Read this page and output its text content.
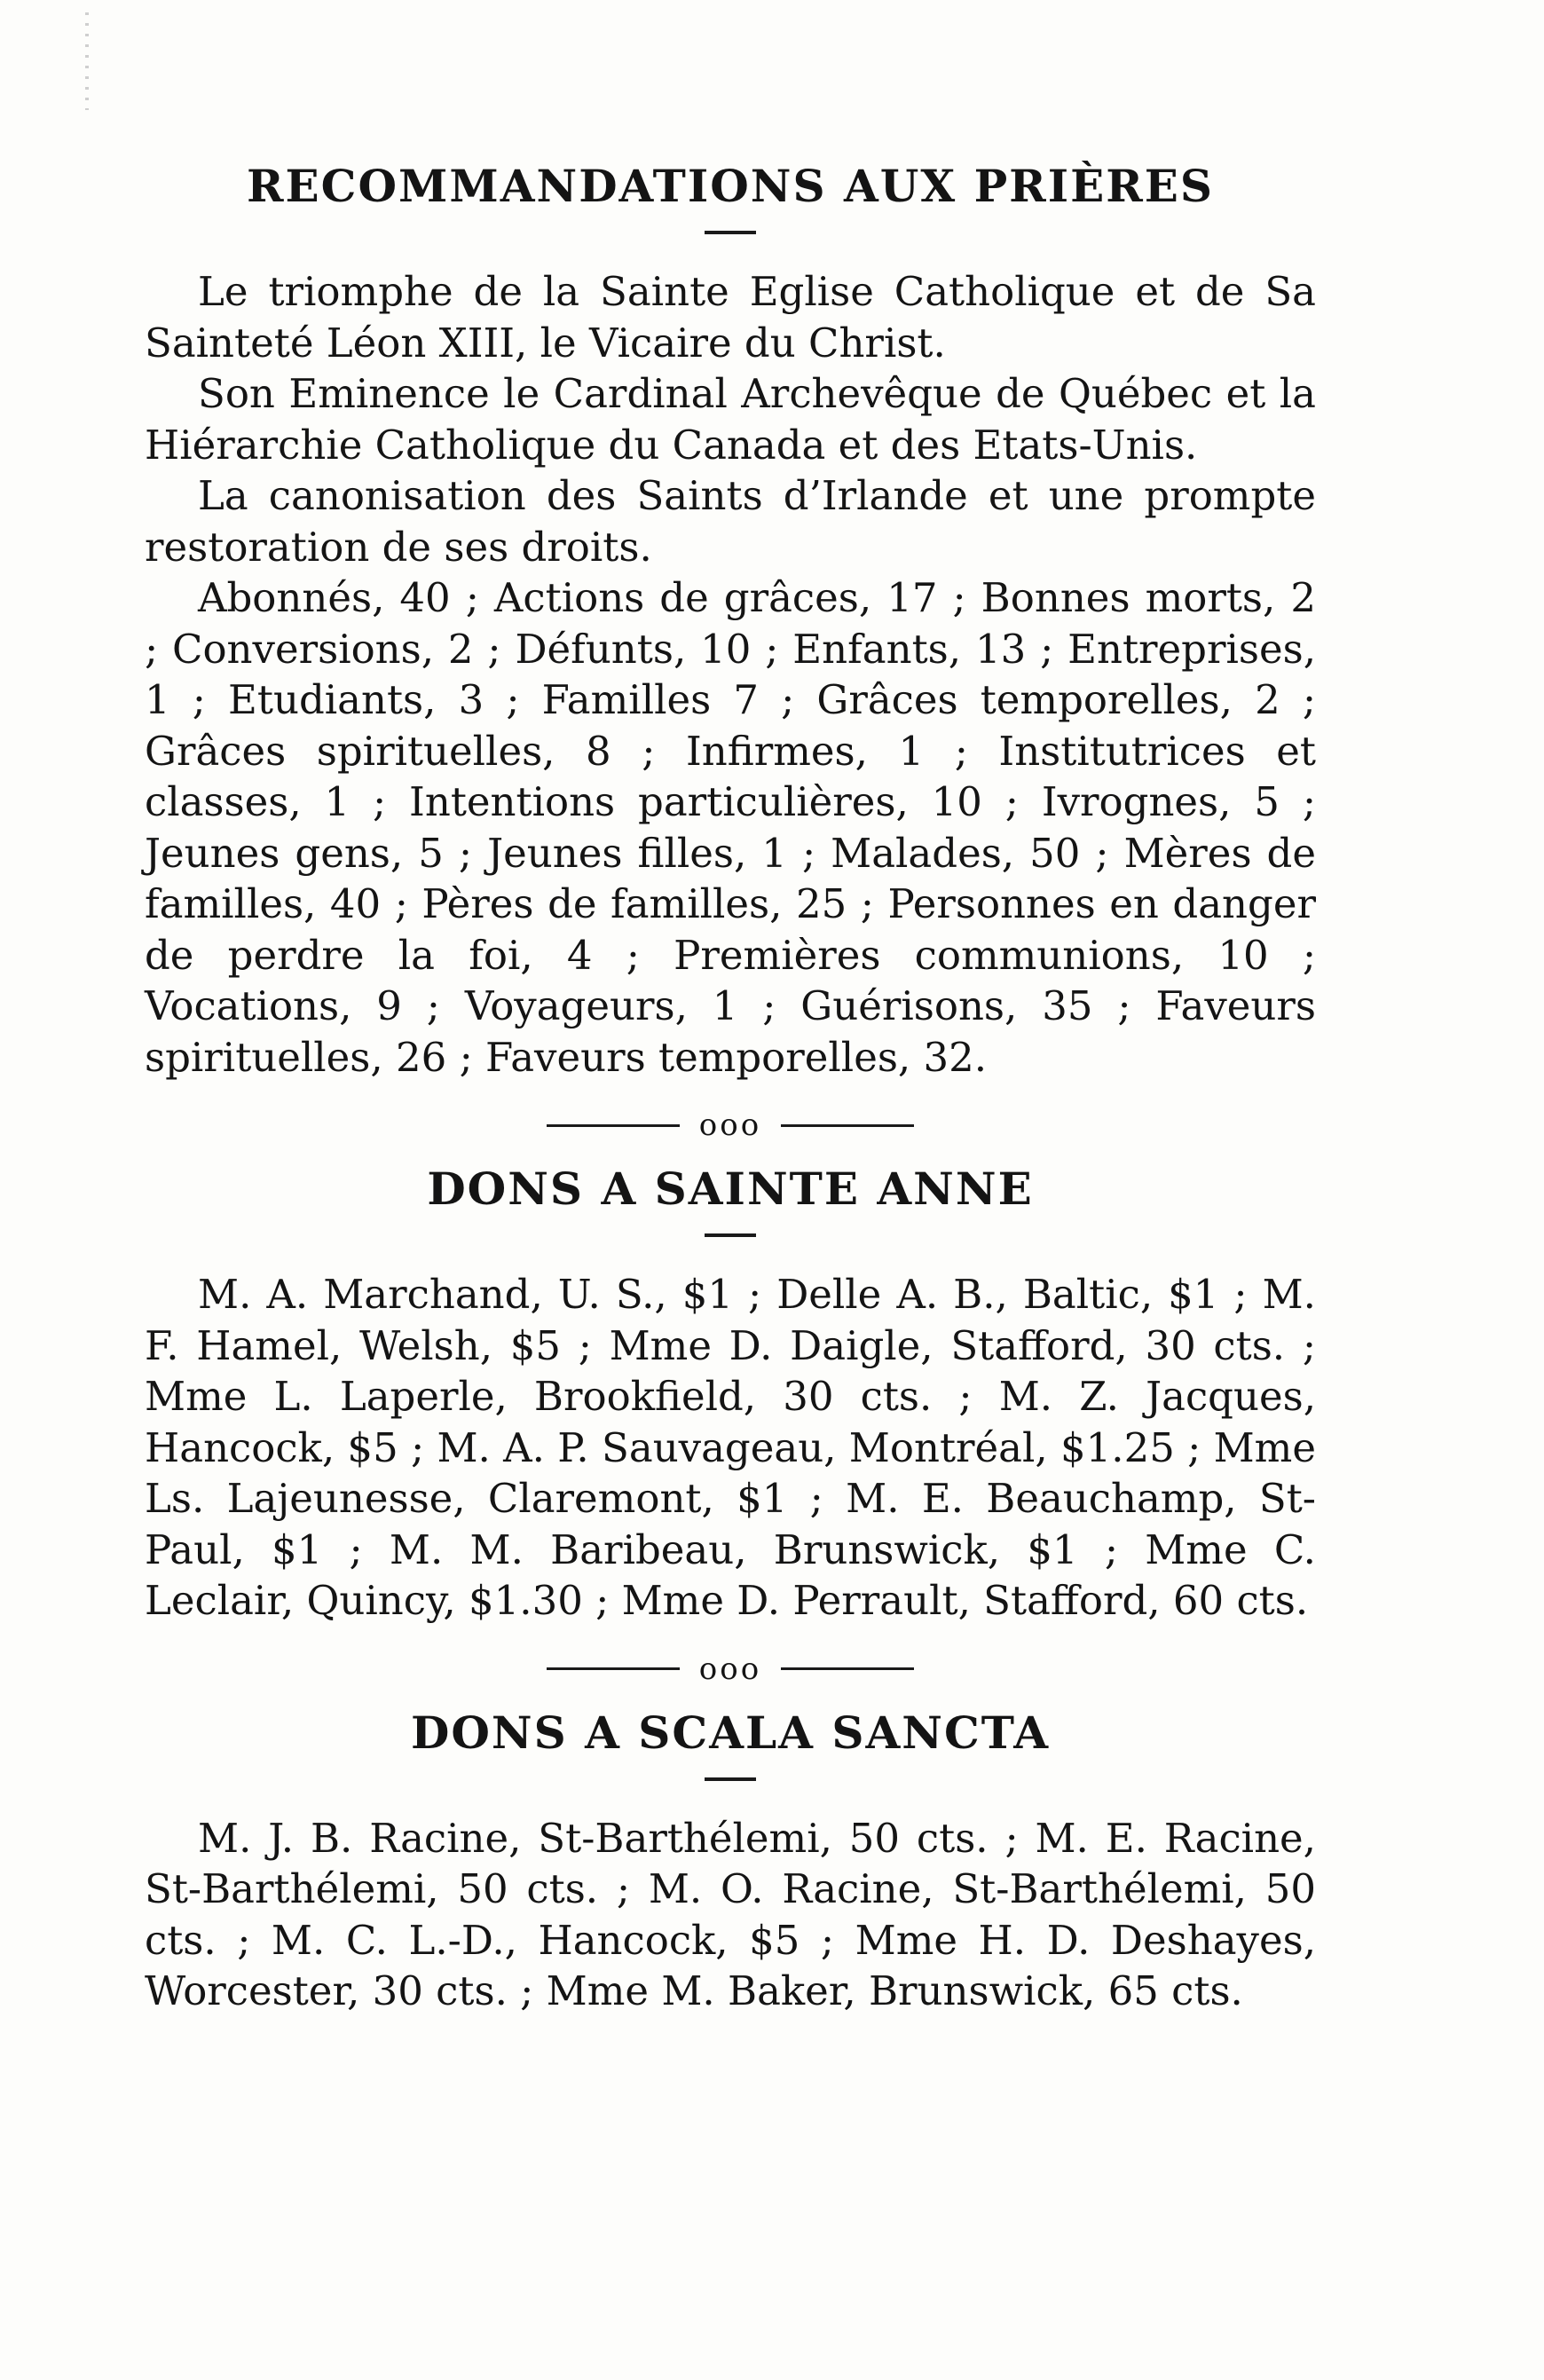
RECOMMANDATIONS AUX PRIÈRES

Le triomphe de la Sainte Eglise Catholique et de Sa Sainteté Léon XIII, le Vicaire du Christ.

Son Eminence le Cardinal Archevêque de Québec et la Hiérarchie Catholique du Canada et des Etats-Unis.

La canonisation des Saints d’Irlande et une prompte restoration de ses droits.

Abonnés, 40 ; Actions de grâces, 17 ; Bonnes morts, 2 ; Conversions, 2 ; Défunts, 10 ; Enfants, 13 ; Entreprises, 1 ; Etudiants, 3 ; Familles 7 ; Grâces temporelles, 2 ; Grâces spirituelles, 8 ; Infirmes, 1 ; Institutrices et classes, 1 ; Intentions particulières, 10 ; Ivrognes, 5 ; Jeunes gens, 5 ; Jeunes filles, 1 ; Malades, 50 ; Mères de familles, 40 ; Pères de familles, 25 ; Personnes en danger de perdre la foi, 4 ; Premières communions, 10 ; Vocations, 9 ; Voyageurs, 1 ; Guérisons, 35 ; Faveurs spirituelles, 26 ; Faveurs temporelles, 32.

ooo
DONS A SAINTE ANNE

M. A. Marchand, U. S., $1 ; Delle A. B., Baltic, $1 ; M. F. Hamel, Welsh, $5 ; Mme D. Daigle, Stafford, 30 cts. ; Mme L. Laperle, Brookfield, 30 cts. ; M. Z. Jacques, Hancock, $5 ; M. A. P. Sauvageau, Montréal, $1.25 ; Mme Ls. Lajeunesse, Claremont, $1 ; M. E. Beauchamp, St-Paul, $1 ; M. M. Baribeau, Brunswick, $1 ; Mme C. Leclair, Quincy, $1.30 ; Mme D. Perrault, Stafford, 60 cts.

ooo
DONS A SCALA SANCTA

M. J. B. Racine, St-Barthélemi, 50 cts. ; M. E. Racine, St-Barthélemi, 50 cts. ; M. O. Racine, St-Barthélemi, 50 cts. ; M. C. L.-D., Hancock, $5 ; Mme H. D. Deshayes, Worcester, 30 cts. ; Mme M. Baker, Brunswick, 65 cts.
